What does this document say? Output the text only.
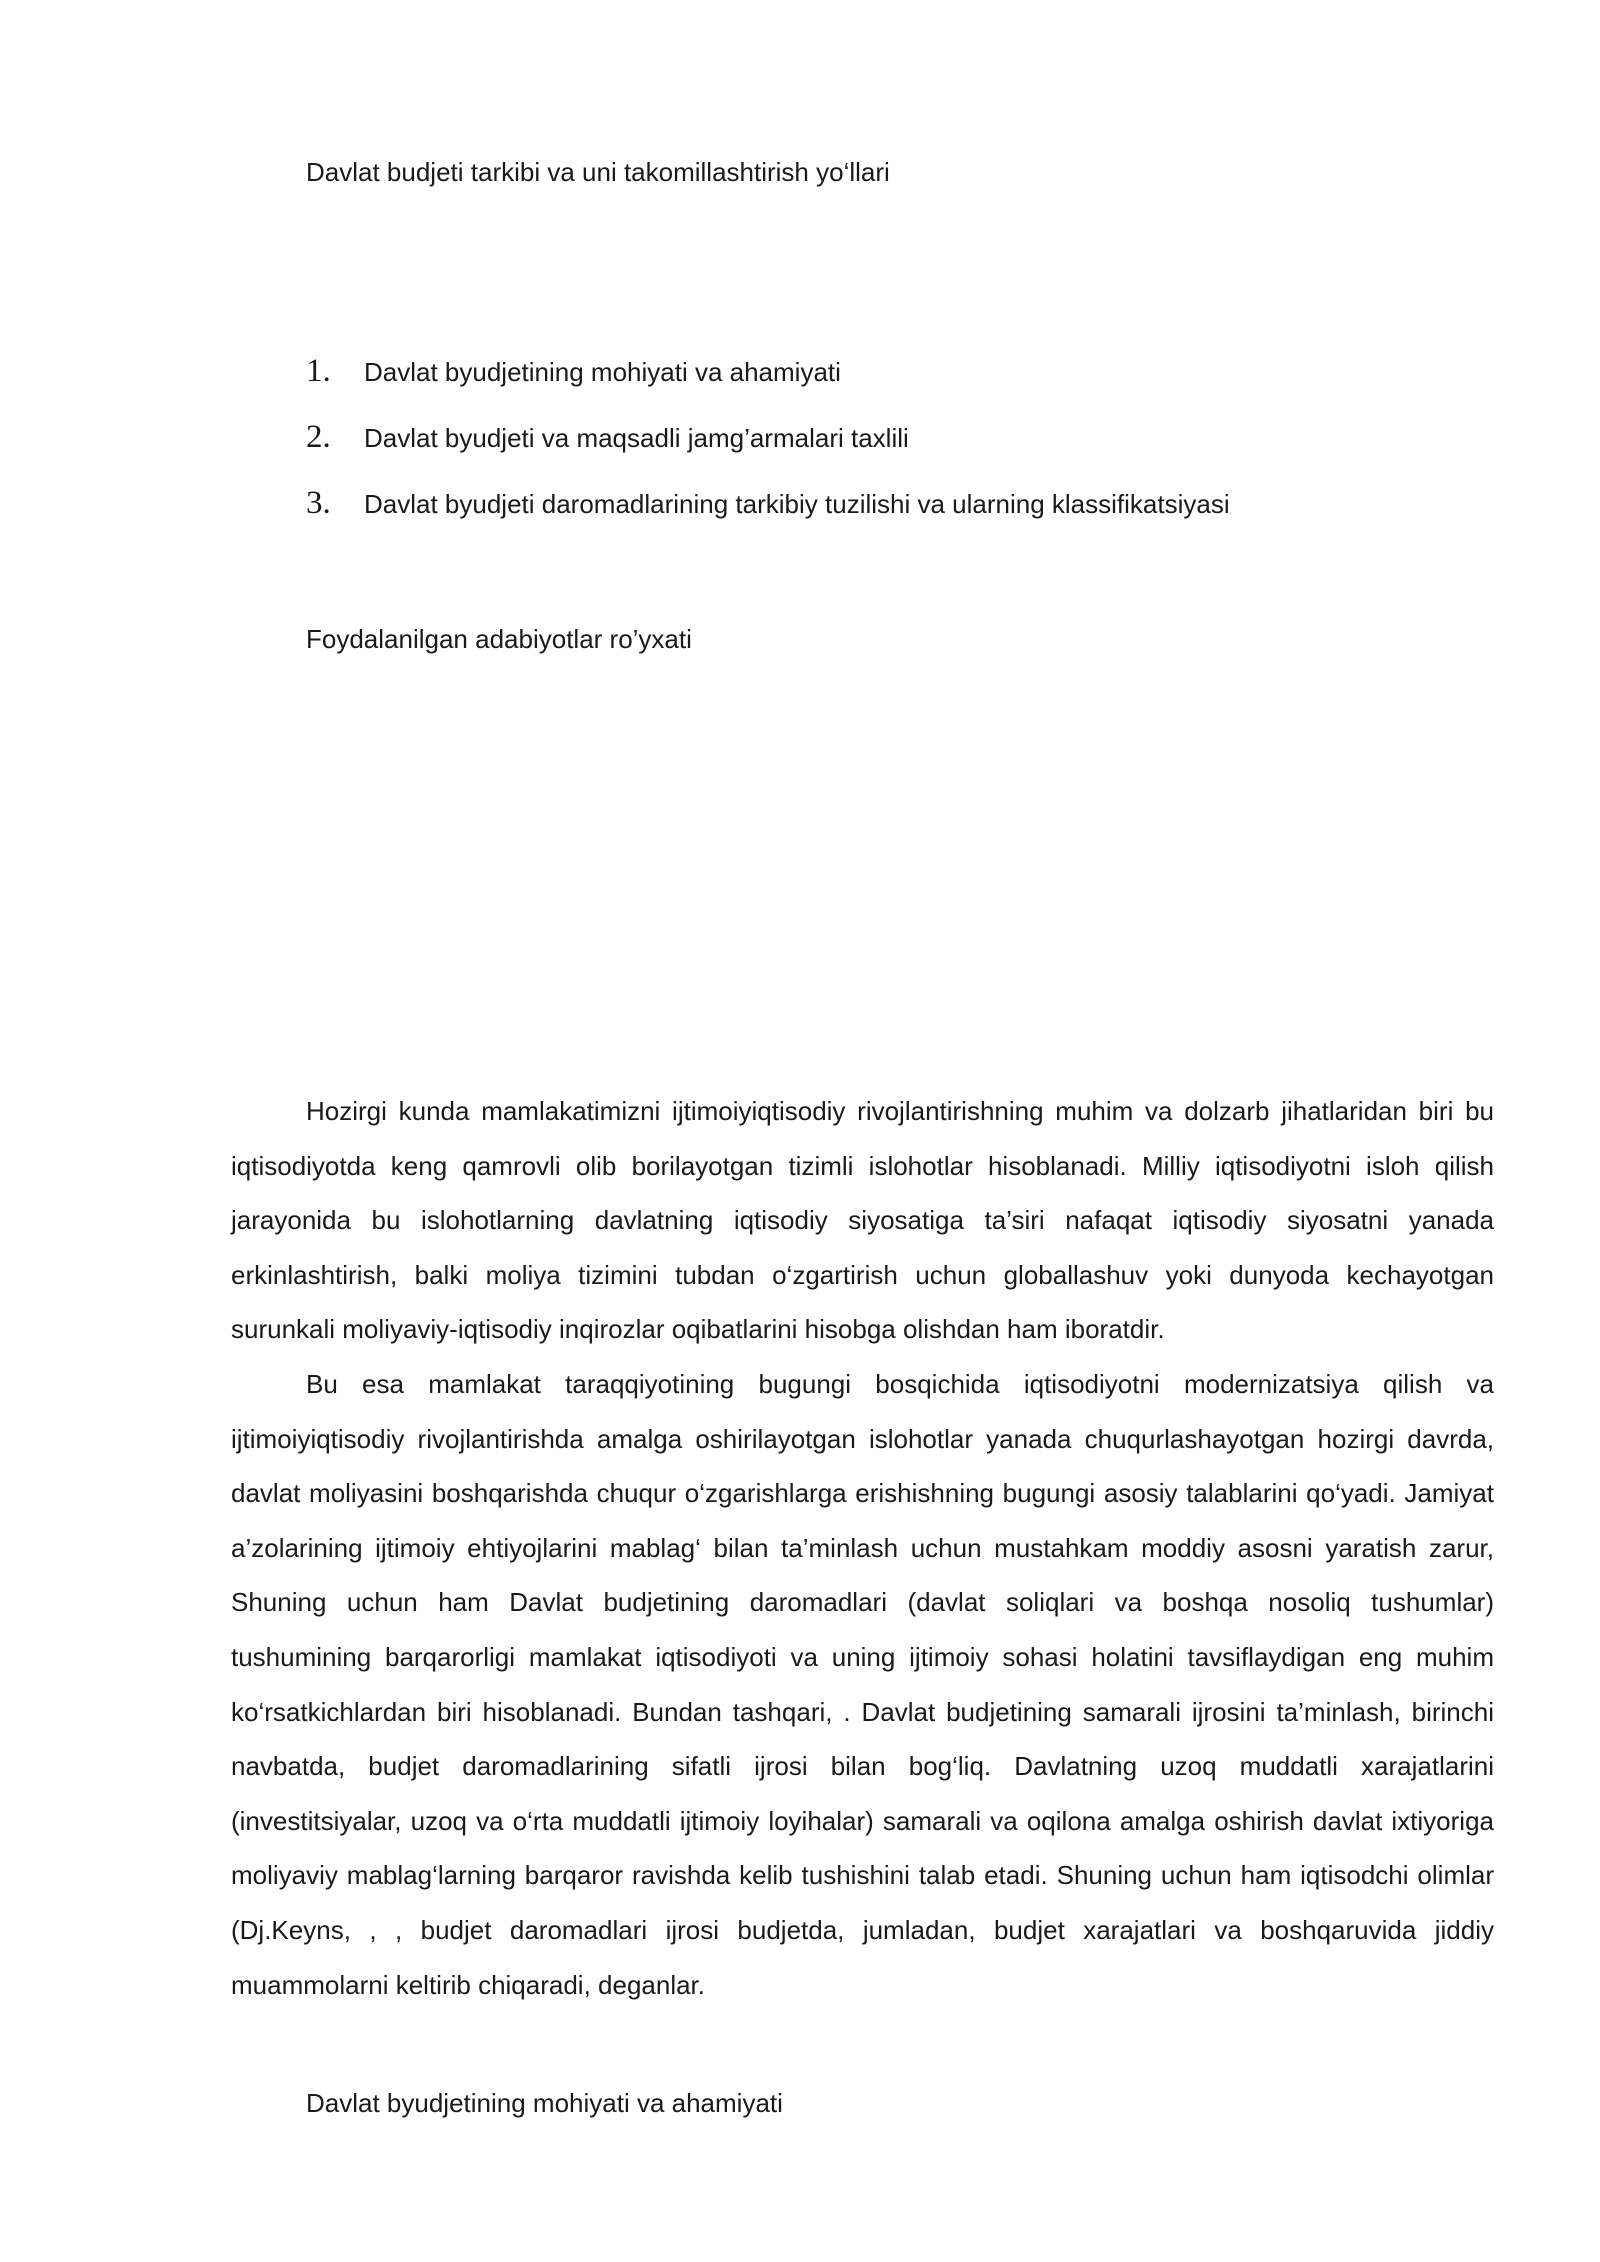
Davlat budjeti tarkibi va uni takomillashtirish yo‘llari
1.	Davlat byudjetining mohiyati va ahamiyati
2.	Davlat byudjeti va maqsadli jamg’armalari taxlili
3.	Davlat byudjeti daromadlarining tarkibiy tuzilishi va ularning klassifikatsiyasi
Foydalanilgan adabiyotlar ro’yxati

Hozirgi kunda mamlakatimizni ijtimoiyiqtisodiy rivojlantirishning muhim va dolzarb jihatlaridan biri bu iqtisodiyotda keng qamrovli olib borilayotgan tizimli islohotlar hisoblanadi. Milliy iqtisodiyotni isloh qilish jarayonida bu islohotlarning davlatning iqtisodiy siyosatiga ta’siri nafaqat iqtisodiy siyosatni yanada erkinlashtirish, balki moliya tizimini tubdan o‘zgartirish uchun globallashuv yoki dunyoda kechayotgan surunkali moliyaviy-iqtisodiy inqirozlar oqibatlarini hisobga olishdan ham iboratdir.

Bu esa mamlakat taraqqiyotining bugungi bosqichida iqtisodiyotni modernizatsiya qilish va ijtimoiyiqtisodiy rivojlantirishda amalga oshirilayotgan islohotlar yanada chuqurlashayotgan hozirgi davrda, davlat moliyasini boshqarishda chuqur o‘zgarishlarga erishishning bugungi asosiy talablarini qo‘yadi. Jamiyat a’zolarining ijtimoiy ehtiyojlarini mablag‘ bilan ta’minlash uchun mustahkam moddiy asosni yaratish zarur, Shuning uchun ham Davlat budjetining daromadlari (davlat soliqlari va boshqa nosoliq tushumlar) tushumining barqarorligi mamlakat iqtisodiyoti va uning ijtimoiy sohasi holatini tavsiflaydigan eng muhim ko‘rsatkichlardan biri hisoblanadi. Bundan tashqari, . Davlat budjetining samarali ijrosini ta’minlash, birinchi navbatda, budjet daromadlarining sifatli ijrosi bilan bog‘liq. Davlatning uzoq muddatli xarajatlarini (investitsiyalar, uzoq va o‘rta muddatli ijtimoiy loyihalar) samarali va oqilona amalga oshirish davlat ixtiyoriga moliyaviy mablag‘larning barqaror ravishda kelib tushishini talab etadi. Shuning uchun ham iqtisodchi olimlar (Dj.Keyns, , , budjet daromadlari ijrosi budjetda, jumladan, budjet xarajatlari va boshqaruvida jiddiy muammolarni keltirib chiqaradi, deganlar.

Davlat byudjetining mohiyati va ahamiyati
